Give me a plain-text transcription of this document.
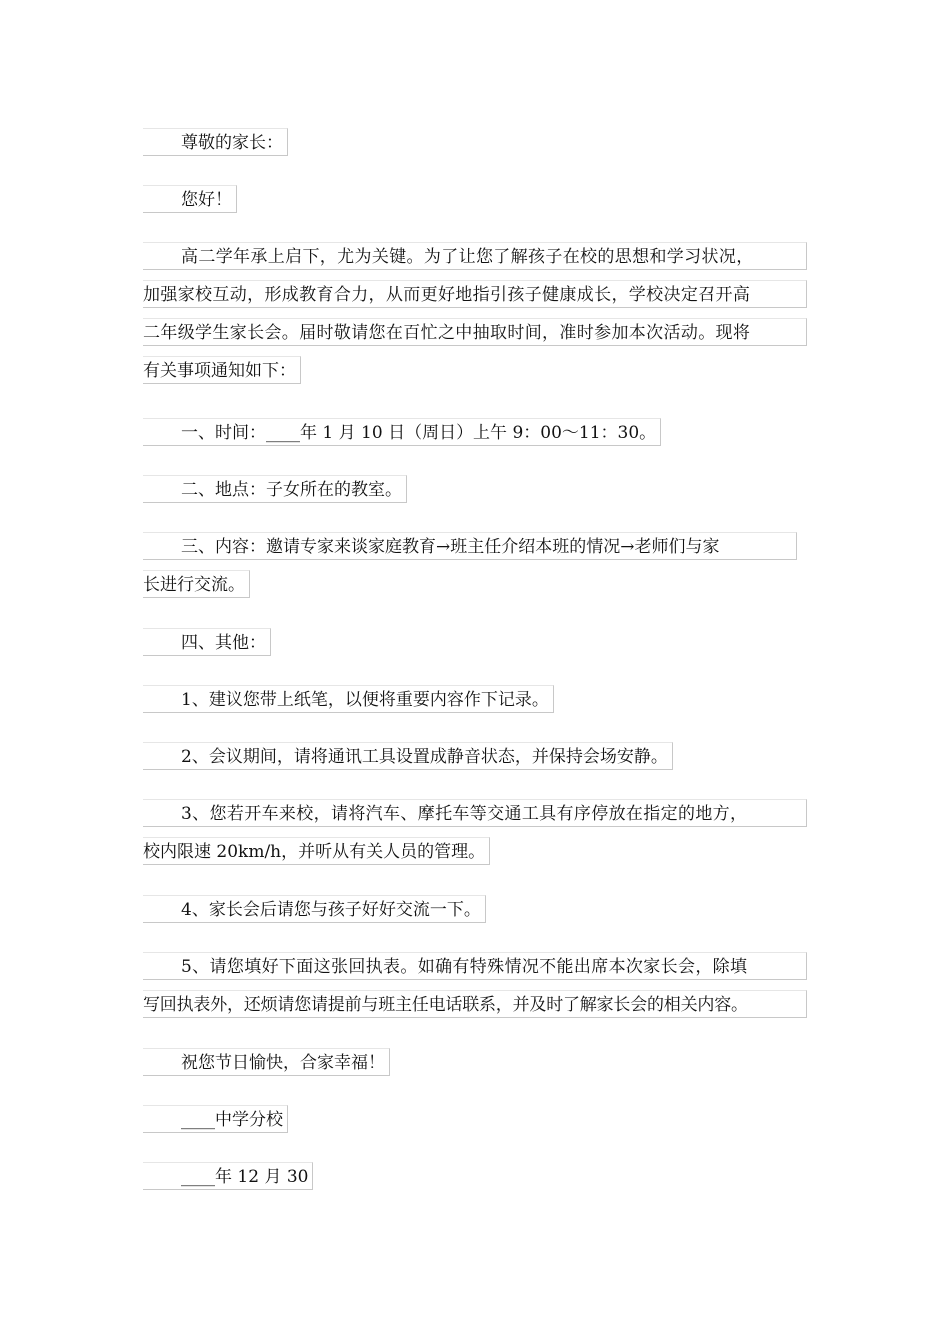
尊敬的家长：
您好！
高二学年承上启下，尤为关键。为了让您了解孩子在校的思想和学习状况，
加强家校互动，形成教育合力，从而更好地指引孩子健康成长，学校决定召开高
二年级学生家长会。届时敬请您在百忙之中抽取时间，准时参加本次活动。现将
有关事项通知如下：
一、时间：____年 1 月 10 日（周日）上午 9：00～11：30。
二、地点：子女所在的教室。
三、内容：邀请专家来谈家庭教育→班主任介绍本班的情况→老师们与家
长进行交流。
四、其他：
1、建议您带上纸笔，以便将重要内容作下记录。
2、会议期间，请将通讯工具设置成静音状态，并保持会场安静。
3、您若开车来校，请将汽车、摩托车等交通工具有序停放在指定的地方，
校内限速 20km/h，并听从有关人员的管理。
4、家长会后请您与孩子好好交流一下。
5、请您填好下面这张回执表。如确有特殊情况不能出席本次家长会，除填
写回执表外，还烦请您请提前与班主任电话联系，并及时了解家长会的相关内容。
祝您节日愉快，合家幸福！
____中学分校
____年 12 月 30
